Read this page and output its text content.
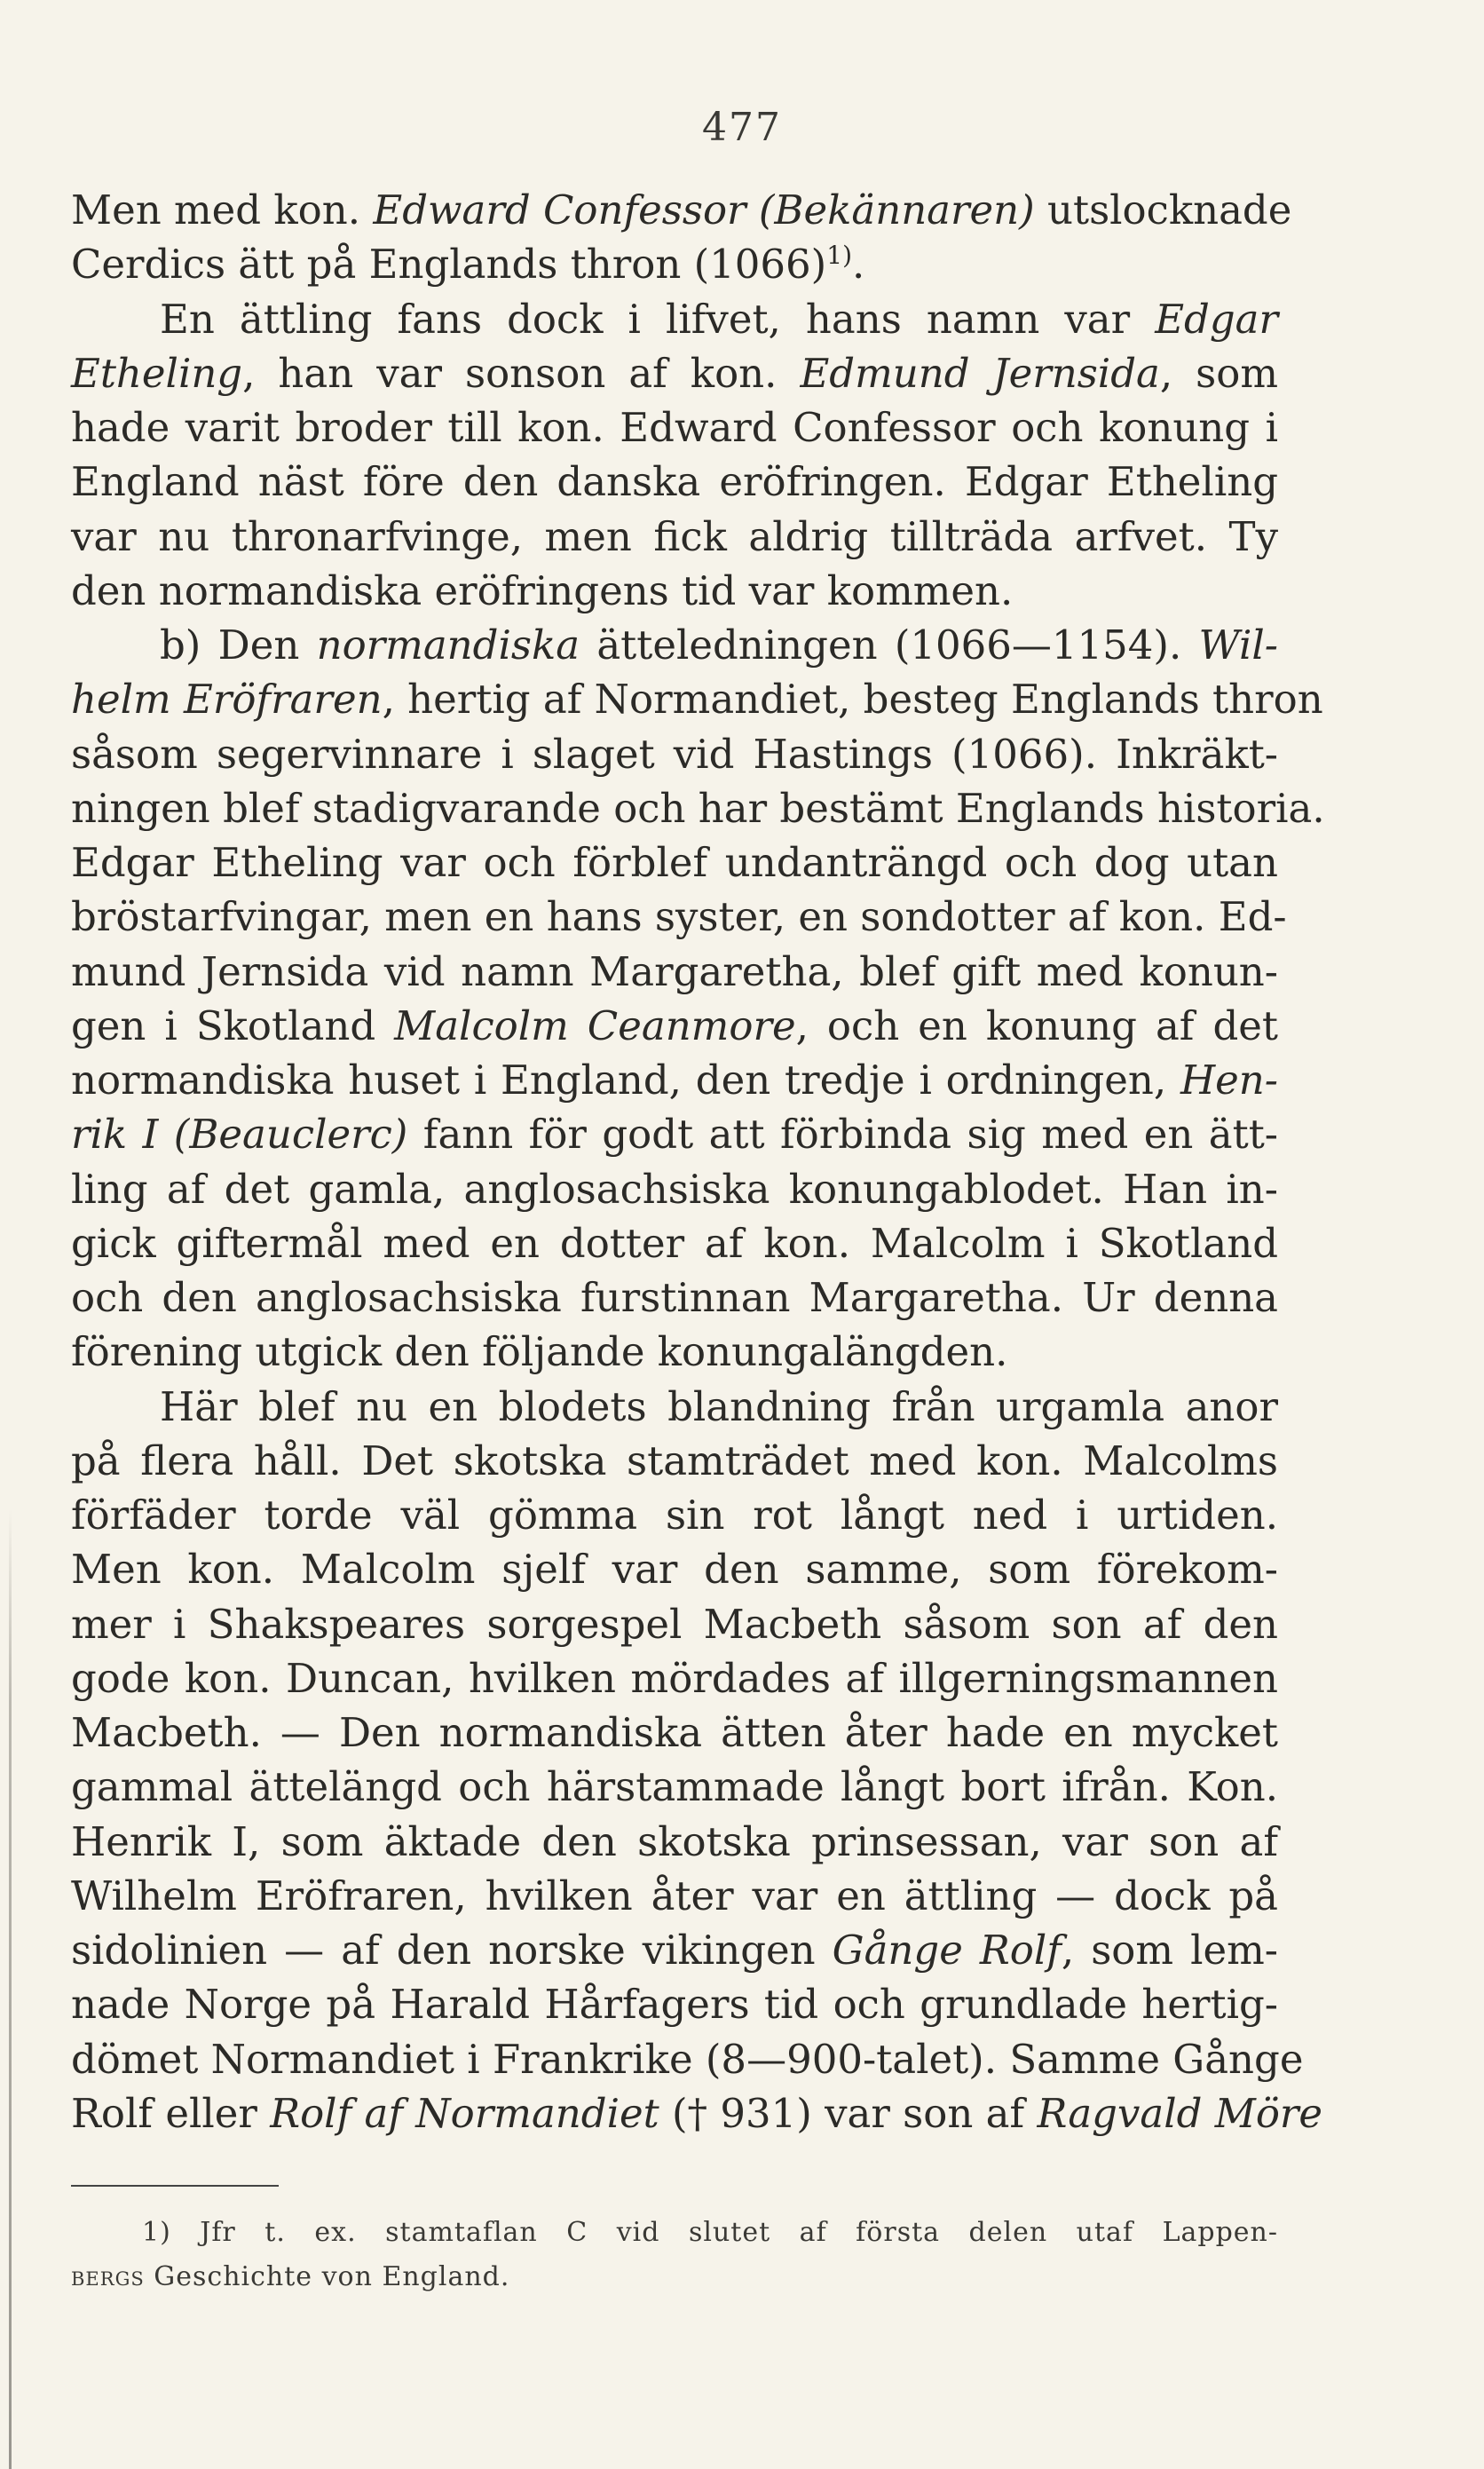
477
Men med kon. Edward Confessor (Bekännaren) utslocknade
Cerdics ätt på Englands thron $(1066)^{1)}$.
En ättling fans dock i lifvet, hans namn var Edgar
Etheling, han var sonson af kon. Edmund Jernsida, som
hade varit broder till kon. Edward Confessor och konung i
England näst före den danska eröfringen. Edgar Etheling
var nu thronarfvinge, men fick aldrig tillträda arfvet. Ty
den normandiska eröfringens tid var kommen.
b) Den normandiska ätteledningen (1066—1154). Wil-
helm Eröfraren, hertig af Normandiet, besteg Englands thron
såsom segervinnare i slaget vid Hastings (1066). Inkräkt-
ningen blef stadigvarande och har bestämt Englands historia.
Edgar Etheling var och förblef undanträngd och dog utan
bröstarfvingar, men en hans syster, en sondotter af kon. Ed-
mund Jernsida vid namn Margaretha, blef gift med konun-
gen i Skotland Malcolm Ceanmore, och en konung af det
normandiska huset i England, den tredje i ordningen, Hen-
rik I (Beauclerc) fann för godt att förbinda sig med en ätt-
ling af det gamla, anglosachsiska konungablodet. Han in-
gick giftermål med en dotter af kon. Malcolm i Skotland
och den anglosachsiska furstinnan Margaretha. Ur denna
förening utgick den följande konungalängden.
Här blef nu en blodets blandning från urgamla anor
på flera håll. Det skotska stamträdet med kon. Malcolms
förfäder torde väl gömma sin rot långt ned i urtiden.
Men kon. Malcolm sjelf var den samme, som förekom-
mer i Shakspeares sorgespel Macbeth såsom son af den
gode kon. Duncan, hvilken mördades af illgerningsmannen
Macbeth. — Den normandiska ätten åter hade en mycket
gammal ättelängd och härstammade långt bort ifrån. Kon.
Henrik I, som äktade den skotska prinsessan, var son af
Wilhelm Eröfraren, hvilken åter var en ättling — dock på
sidolinien — af den norske vikingen Gånge Rolf, som lem-
nade Norge på Harald Hårfagers tid och grundlade hertig-
dömet Normandiet i Frankrike (8—900-talet). Samme Gånge
Rolf eller Rolf af Normandiet († 931) var son af Ragvald Möre
1) Jfr t. ex. stamtaflan C vid slutet af första delen utaf Lappen-
bergs Geschichte von England.
